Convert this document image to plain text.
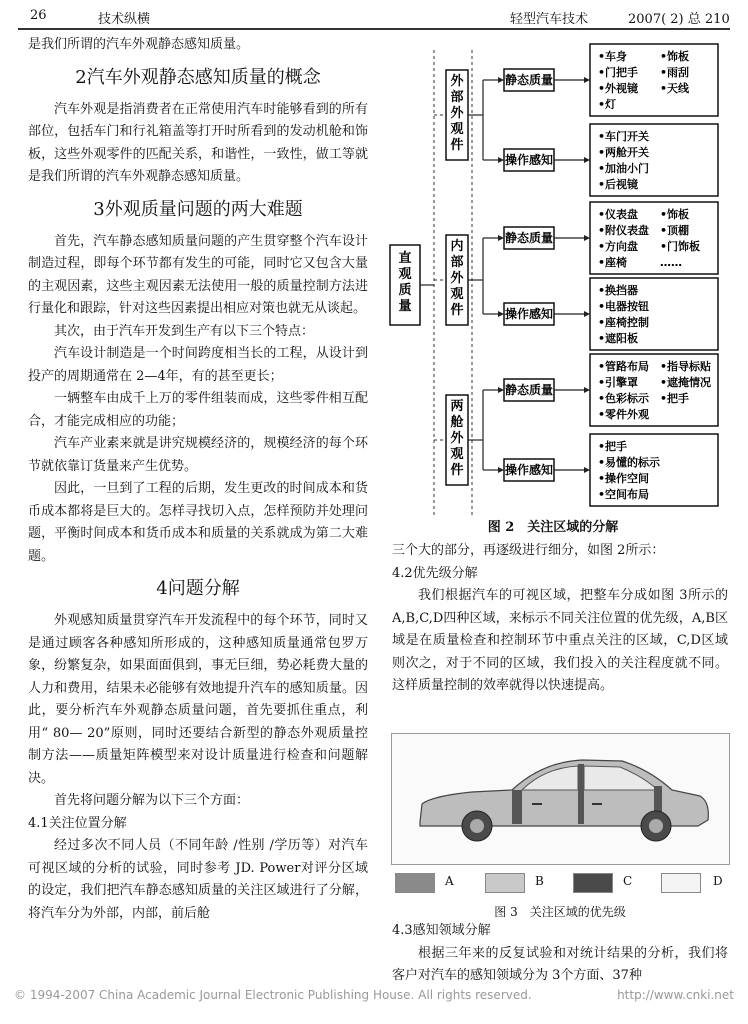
26	技术纵横	轻型汽车技术	2007( 2) 总 210

是我们所谓的汽车外观静态感知质量。

2汽车外观静态感知质量的概念

汽车外观是指消费者在正常使用汽车时能够看到的所有部位，包括车门和行礼箱盖等打开时所看到的发动机舱和饰板，这些外观零件的匹配关系，和谐性，一致性，做工等就是我们所谓的汽车外观静态感知质量。

3外观质量问题的两大难题

首先，汽车静态感知质量问题的产生贯穿整个汽车设计制造过程，即每个环节都有发生的可能，同时它又包含大量的主观因素，这些主观因素无法使用一般的质量控制方法进行量化和跟踪，针对这些因素提出相应对策也就无从谈起。

其次，由于汽车开发到生产有以下三个特点：

汽车设计制造是一个时间跨度相当长的工程，从设计到投产的周期通常在 2—4年，有的甚至更长；

一辆整车由成千上万的零件组装而成，这些零件相互配合，才能完成相应的功能；

汽车产业素来就是讲究规模经济的，规模经济的每个环节就依靠订货量来产生优势。

因此，一旦到了工程的后期，发生更改的时间成本和货币成本都将是巨大的。怎样寻找切入点，怎样预防并处理问题，平衡时间成本和货币成本和质量的关系就成为第二大难题。

4问题分解

外观感知质量贯穿汽车开发流程中的每个环节，同时又是通过顾客各种感知所形成的，这种感知质量通常包罗万象，纷繁复杂，如果面面俱到，事无巨细，势必耗费大量的人力和费用，结果未必能够有效地提升汽车的感知质量。因此，要分析汽车外观静态质量问题，首先要抓住重点，利用“ 80— 20”原则，同时还要结合新型的静态外观质量控制方法——质量矩阵模型来对设计质量进行检查和问题解决。

首先将问题分解为以下三个方面：

4.1关注位置分解

经过多次不同人员（不同年龄 /性别 /学历等）对汽车可视区域的分析的试验，同时参考 JD. Power对评分区域的设定，我们把汽车静态感知质量的关注区域进行了分解，将汽车分为外部，内部，前后舱

直
观
质
量
外
部
外
观
件
静态质量
•车身	•饰板
•门把手 •雨刮
•外视镜 •天线
•灯
操作感知
•车门开关
•两舱开关
•加油小门
•后视镜
内
部
外
观
件
静态质量
•仪表盘 •饰板
•附仪表盘 •顶棚
•方向盘 •门饰板
•座椅	……
操作感知
•换挡器
•电器按钮
•座椅控制
•遮阳板
两
舱
外
观
件
静态质量
•管路布局 •指导标贴
•引擎罩 •遮掩情况
•色彩标示 •把手
•零件外观
操作感知
•把手
•易懂的标示
•操作空间
•空间布局
图 2　关注区域的分解

三个大的部分，再逐级进行细分，如图 2所示：

4.2优先级分解

我们根据汽车的可视区域，把整车分成如图 3所示的 A,B,C,D四种区域，来标示不同关注位置的优先级，A,B区域是在质量检查和控制环节中重点关注的区域，C,D区域则次之，对于不同的区域，我们投入的关注程度就不同。这样质量控制的效率就得以快速提高。

A	B	C	D
图 3　关注区域的优先级

4.3感知领域分解

根据三年来的反复试验和对统计结果的分析，我们将客户对汽车的感知领域分为 3个方面、37种

© 1994-2007 China Academic Journal Electronic Publishing House. All rights reserved.	http://www.cnki.net
